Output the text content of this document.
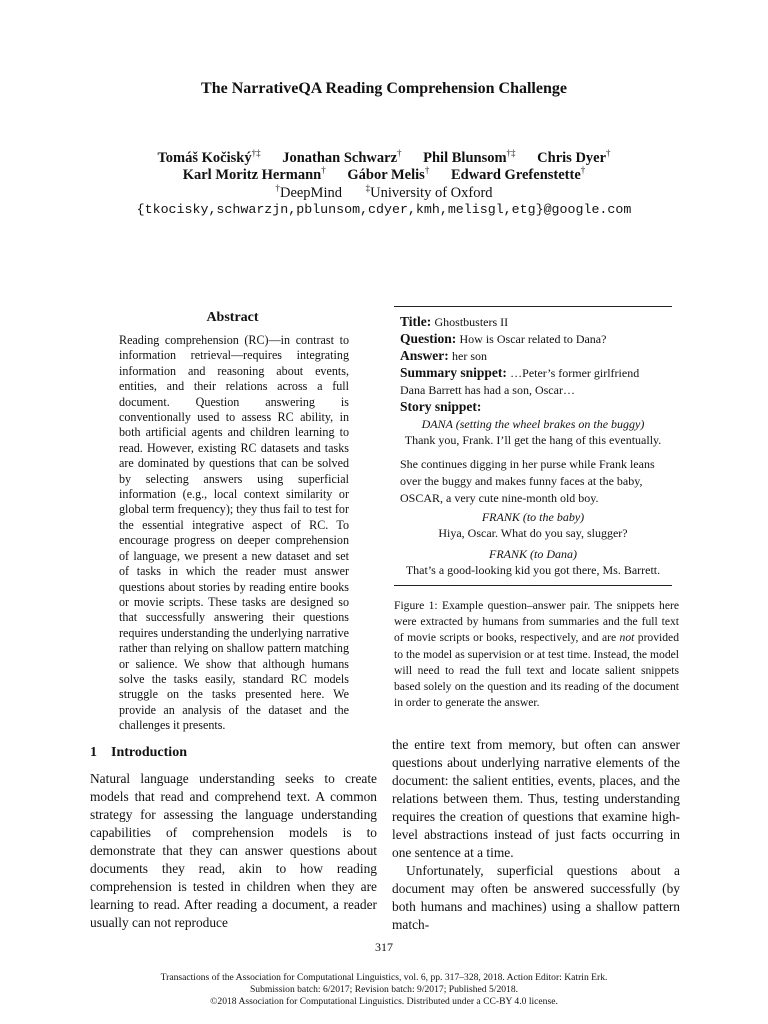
The NarrativeQA Reading Comprehension Challenge
Tomáš Kočiský†‡ Jonathan Schwarz† Phil Blunsom†‡ Chris Dyer†
Karl Moritz Hermann† Gábor Melis† Edward Grefenstette†
†DeepMind	‡University of Oxford
{tkocisky,schwarzjn,pblunsom,cdyer,kmh,melisgl,etg}@google.com
Abstract
Reading comprehension (RC)—in contrast to information retrieval—requires integrating information and reasoning about events, entities, and their relations across a full document. Question answering is conventionally used to assess RC ability, in both artificial agents and children learning to read. However, existing RC datasets and tasks are dominated by questions that can be solved by selecting answers using superficial information (e.g., local context similarity or global term frequency); they thus fail to test for the essential integrative aspect of RC. To encourage progress on deeper comprehension of language, we present a new dataset and set of tasks in which the reader must answer questions about stories by reading entire books or movie scripts. These tasks are designed so that successfully answering their questions requires understanding the underlying narrative rather than relying on shallow pattern matching or salience. We show that although humans solve the tasks easily, standard RC models struggle on the tasks presented here. We provide an analysis of the dataset and the challenges it presents.
1 Introduction
Natural language understanding seeks to create models that read and comprehend text. A common strategy for assessing the language understanding capabilities of comprehension models is to demonstrate that they can answer questions about documents they read, akin to how reading comprehension is tested in children when they are learning to read. After reading a document, a reader usually can not reproduce
Title: Ghostbusters II
Question: How is Oscar related to Dana?
Answer: her son
Summary snippet: …Peter’s former girlfriend
Dana Barrett has had a son, Oscar…
Story snippet:
DANA (setting the wheel brakes on the buggy)
Thank you, Frank. I’ll get the hang of this eventually.
She continues digging in her purse while Frank leans over the buggy and makes funny faces at the baby, OSCAR, a very cute nine-month old boy.
FRANK (to the baby)
Hiya, Oscar. What do you say, slugger?
FRANK (to Dana)
That’s a good-looking kid you got there, Ms. Barrett.
Figure 1: Example question–answer pair. The snippets here were extracted by humans from summaries and the full text of movie scripts or books, respectively, and are not provided to the model as supervision or at test time. Instead, the model will need to read the full text and locate salient snippets based solely on the question and its reading of the document in order to generate the answer.

the entire text from memory, but often can answer questions about underlying narrative elements of the document: the salient entities, events, places, and the relations between them. Thus, testing understanding requires the creation of questions that examine high-level abstractions instead of just facts occurring in one sentence at a time.

Unfortunately, superficial questions about a document may often be answered successfully (by both humans and machines) using a shallow pattern match-

317
Transactions of the Association for Computational Linguistics, vol. 6, pp. 317–328, 2018. Action Editor: Katrin Erk.
Submission batch: 6/2017; Revision batch: 9/2017; Published 5/2018.
©2018 Association for Computational Linguistics. Distributed under a CC-BY 4.0 license.
